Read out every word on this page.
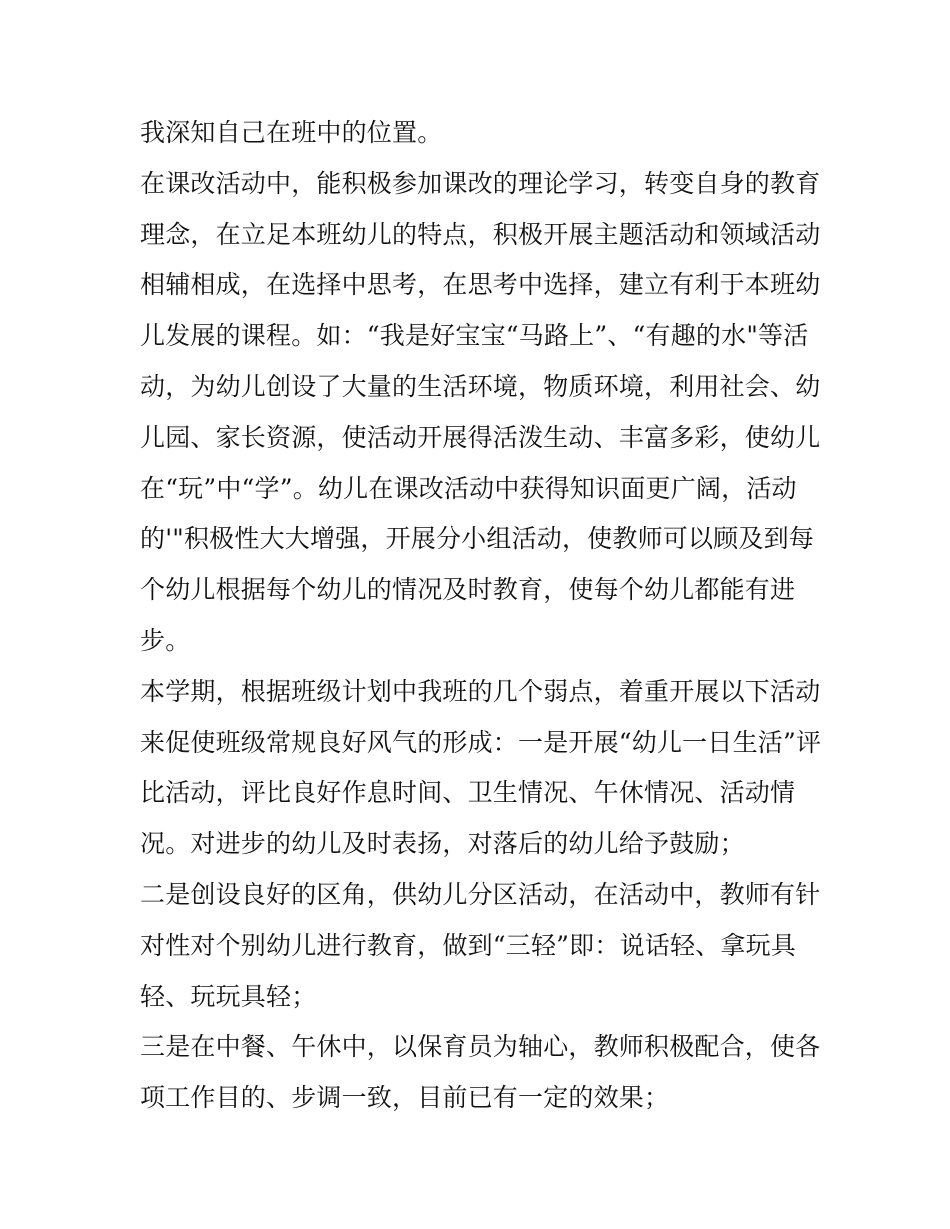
我深知自己在班中的位置。
在课改活动中，能积极参加课改的理论学习，转变自身的教育
理念，在立足本班幼儿的特点，积极开展主题活动和领域活动
相辅相成，在选择中思考，在思考中选择，建立有利于本班幼
儿发展的课程。如：“我是好宝宝“马路上”、“有趣的水"等活
动，为幼儿创设了大量的生活环境，物质环境，利用社会、幼
儿园、家长资源，使活动开展得活泼生动、丰富多彩，使幼儿
在“玩”中“学”。幼儿在课改活动中获得知识面更广阔，活动
的'"积极性大大增强，开展分小组活动，使教师可以顾及到每
个幼儿根据每个幼儿的情况及时教育，使每个幼儿都能有进
步。
本学期，根据班级计划中我班的几个弱点，着重开展以下活动
来促使班级常规良好风气的形成：一是开展“幼儿一日生活”评
比活动，评比良好作息时间、卫生情况、午休情况、活动情
况。对进步的幼儿及时表扬，对落后的幼儿给予鼓励；
二是创设良好的区角，供幼儿分区活动，在活动中，教师有针
对性对个别幼儿进行教育，做到“三轻”即：说话轻、拿玩具
轻、玩玩具轻；
三是在中餐、午休中，以保育员为轴心，教师积极配合，使各
项工作目的、步调一致，目前已有一定的效果；
